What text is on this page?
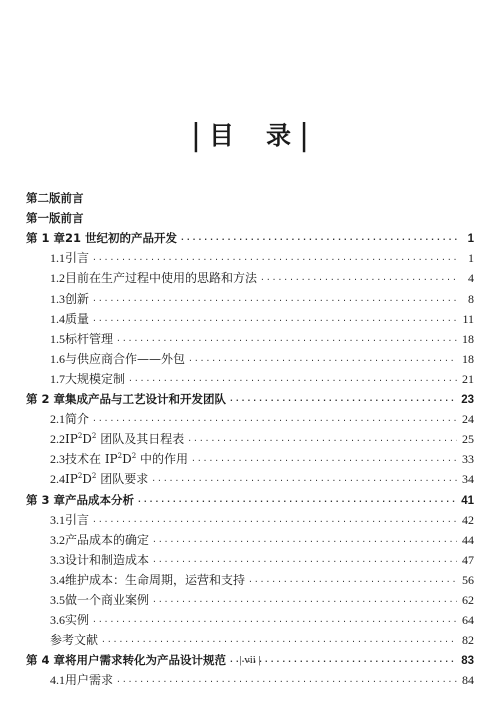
| 目 录 |
第二版前言
第一版前言
第 1 章 21 世纪初的产品开发 ·····	1
1.1 引言 ·····	1
1.2 目前在生产过程中使用的思路和方法 ·····	4
1.3 创新 ·····	8
1.4 质量 ·····	11
1.5 标杆管理 ·····	18
1.6 与供应商合作——外包 ·····	18
1.7 大规模定制 ·····	21
第 2 章 集成产品与工艺设计和开发团队 ·····	23
2.1 简介 ·····	24
2.2 $IP^2D^2$ 团队及其日程表 ·····	25
2.3 技术在 $IP^2D^2$ 中的作用 ·····	33
2.4 $IP^2D^2$ 团队要求 ·····	34
第 3 章 产品成本分析 ·····	41
3.1 引言 ·····	42
3.2 产品成本的确定 ·····	44
3.3 设计和制造成本 ·····	47
3.4 维护成本：生命周期，运营和支持 ·····	56
3.5 做一个商业案例 ·····	62
3.6 实例 ·····	64
参考文献 ·····	82
第 4 章 将用户需求转化为产品设计规范 ·····	83
4.1 用户需求 ·····	84
| vii |
